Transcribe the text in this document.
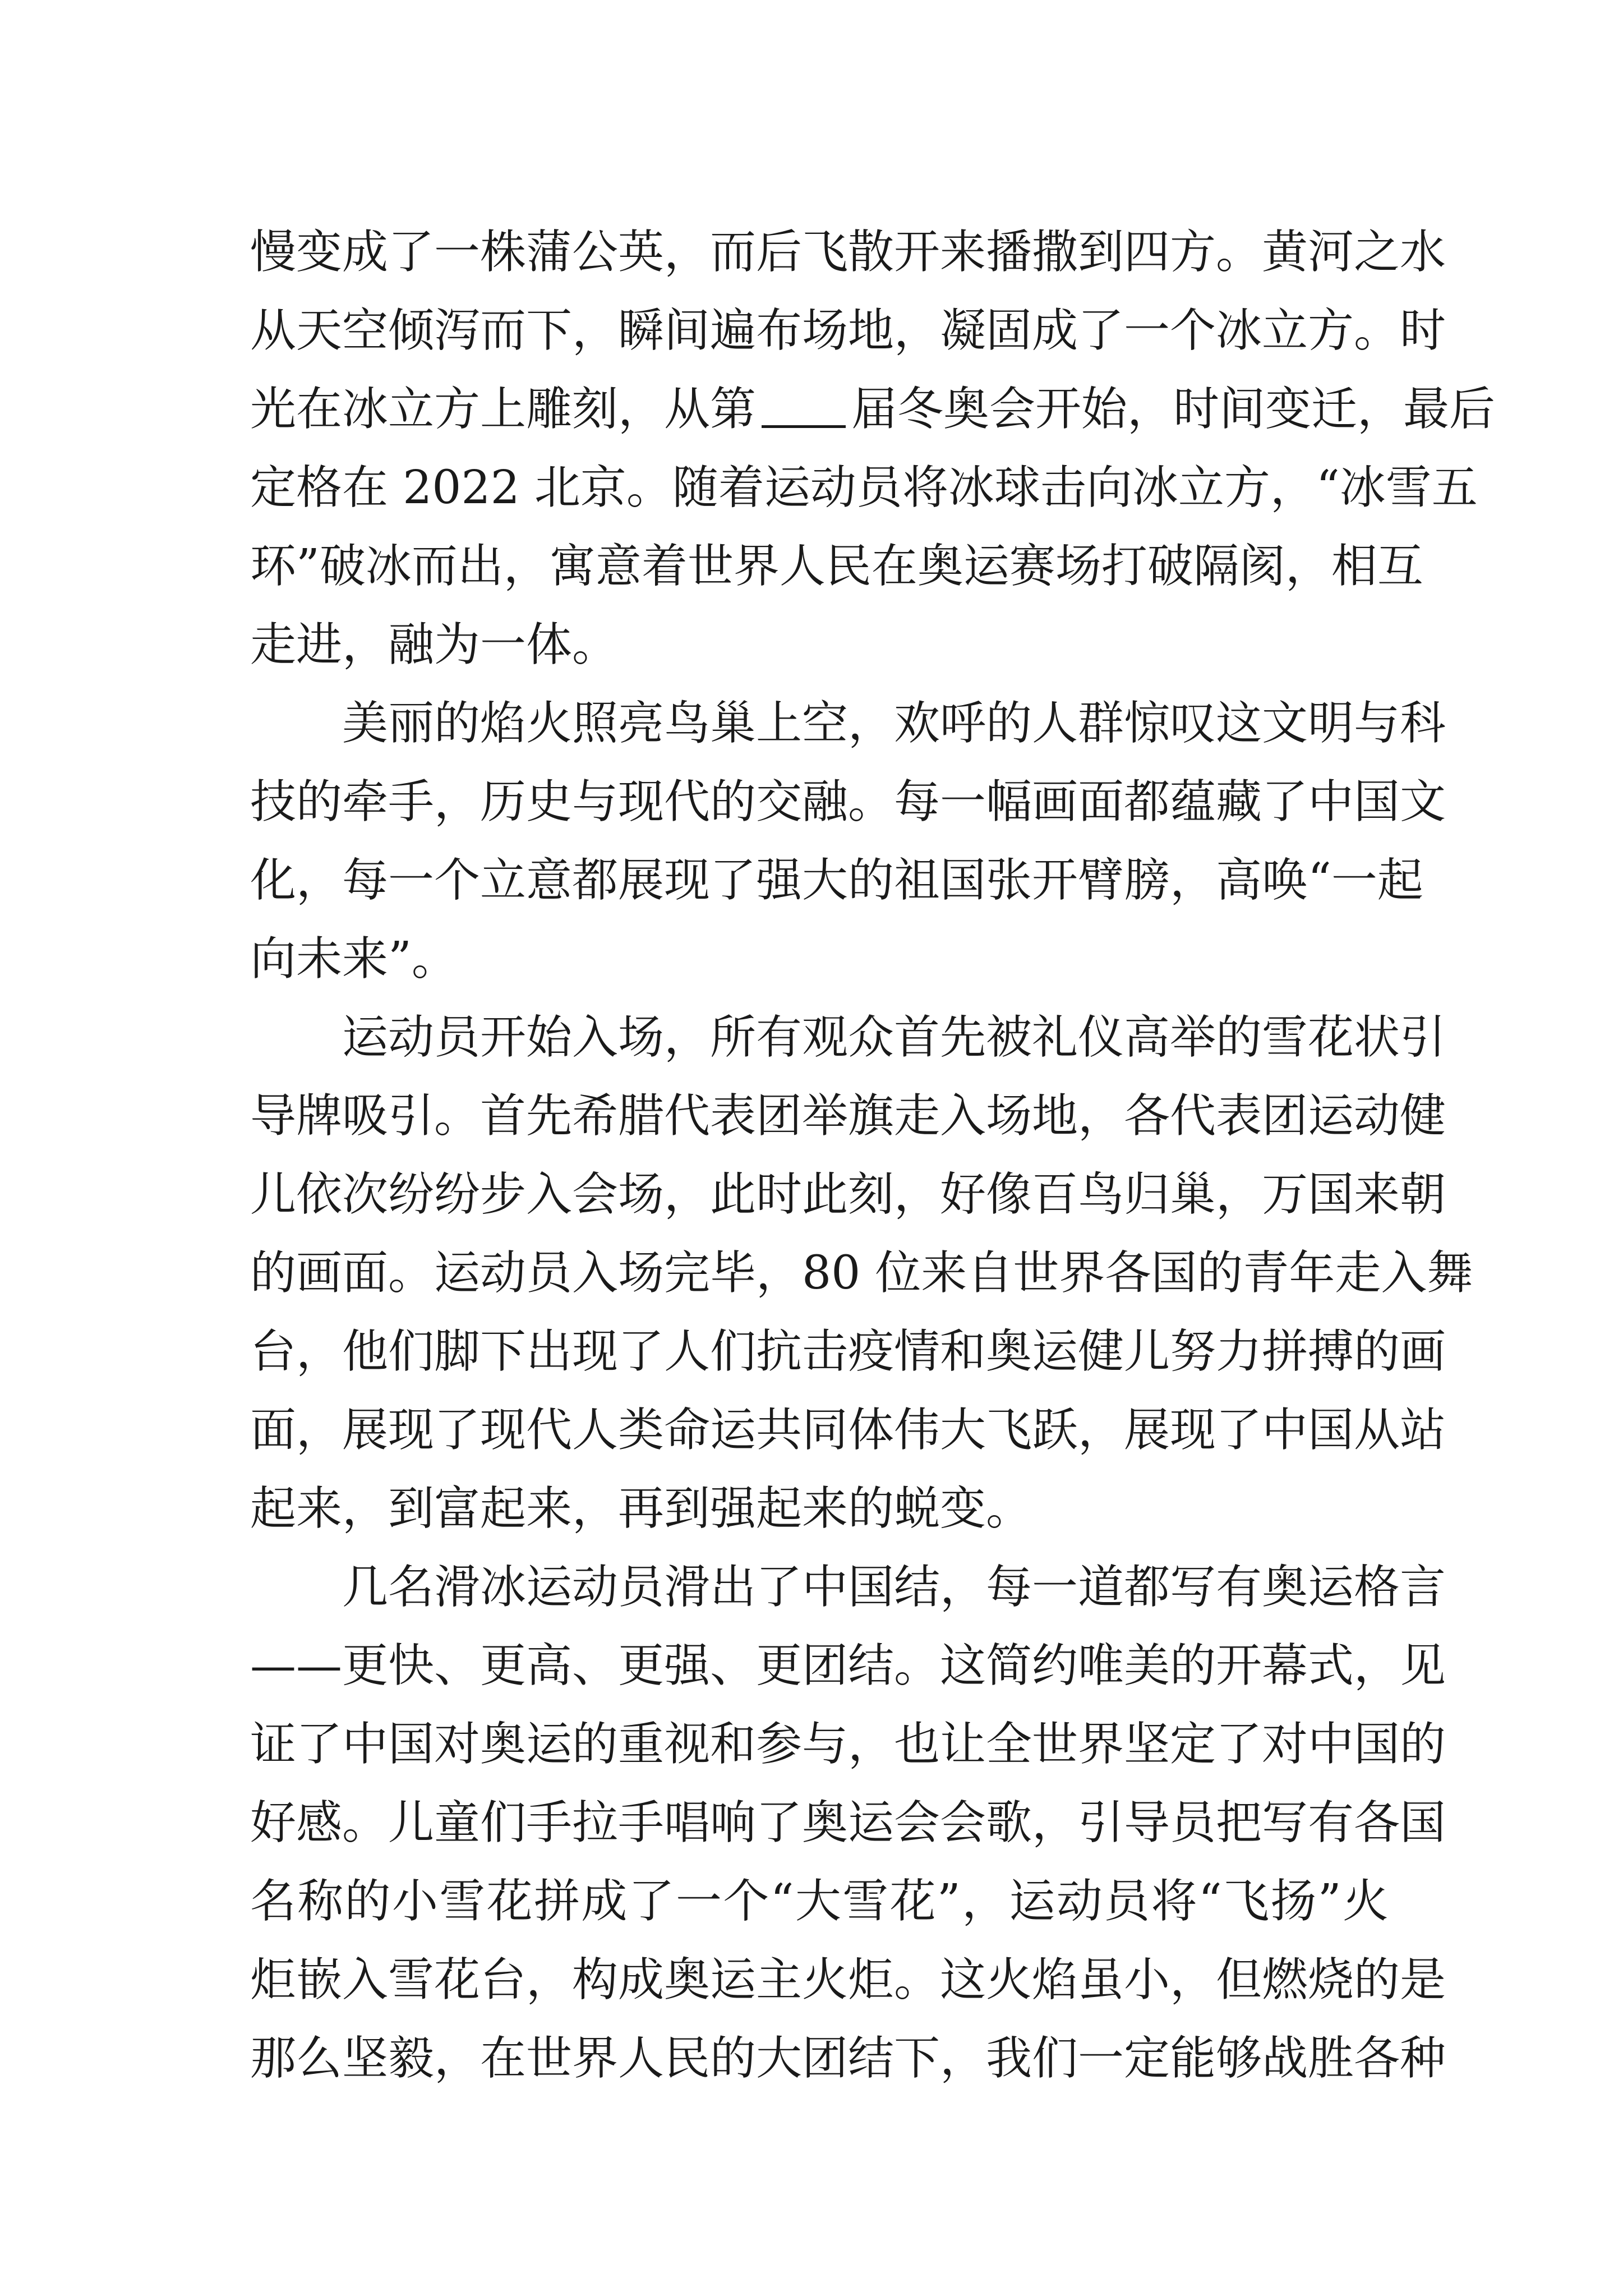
慢变成了一株蒲公英，而后飞散开来播撒到四方。黄河之水
从天空倾泻而下，瞬间遍布场地，凝固成了一个冰立方。时
光在冰立方上雕刻，从第 届冬奥会开始，时间变迁，最后
定格在 2022 北京。随着运动员将冰球击向冰立方，“冰雪五
环”破冰而出，寓意着世界人民在奥运赛场打破隔阂，相互
走进，融为一体。
美丽的焰火照亮鸟巢上空，欢呼的人群惊叹这文明与科
技的牵手，历史与现代的交融。每一幅画面都蕴藏了中国文
化，每一个立意都展现了强大的祖国张开臂膀，高唤“一起
向未来”。
运动员开始入场，所有观众首先被礼仪高举的雪花状引
导牌吸引。首先希腊代表团举旗走入场地，各代表团运动健
儿依次纷纷步入会场，此时此刻，好像百鸟归巢，万国来朝
的画面。运动员入场完毕，80 位来自世界各国的青年走入舞
台，他们脚下出现了人们抗击疫情和奥运健儿努力拼搏的画
面，展现了现代人类命运共同体伟大飞跃，展现了中国从站
起来，到富起来，再到强起来的蜕变。
几名滑冰运动员滑出了中国结，每一道都写有奥运格言
——更快、更高、更强、更团结。这简约唯美的开幕式，见
证了中国对奥运的重视和参与，也让全世界坚定了对中国的
好感。儿童们手拉手唱响了奥运会会歌，引导员把写有各国
名称的小雪花拼成了一个“大雪花”，运动员将“飞扬”火
炬嵌入雪花台，构成奥运主火炬。这火焰虽小，但燃烧的是
那么坚毅，在世界人民的大团结下，我们一定能够战胜各种
